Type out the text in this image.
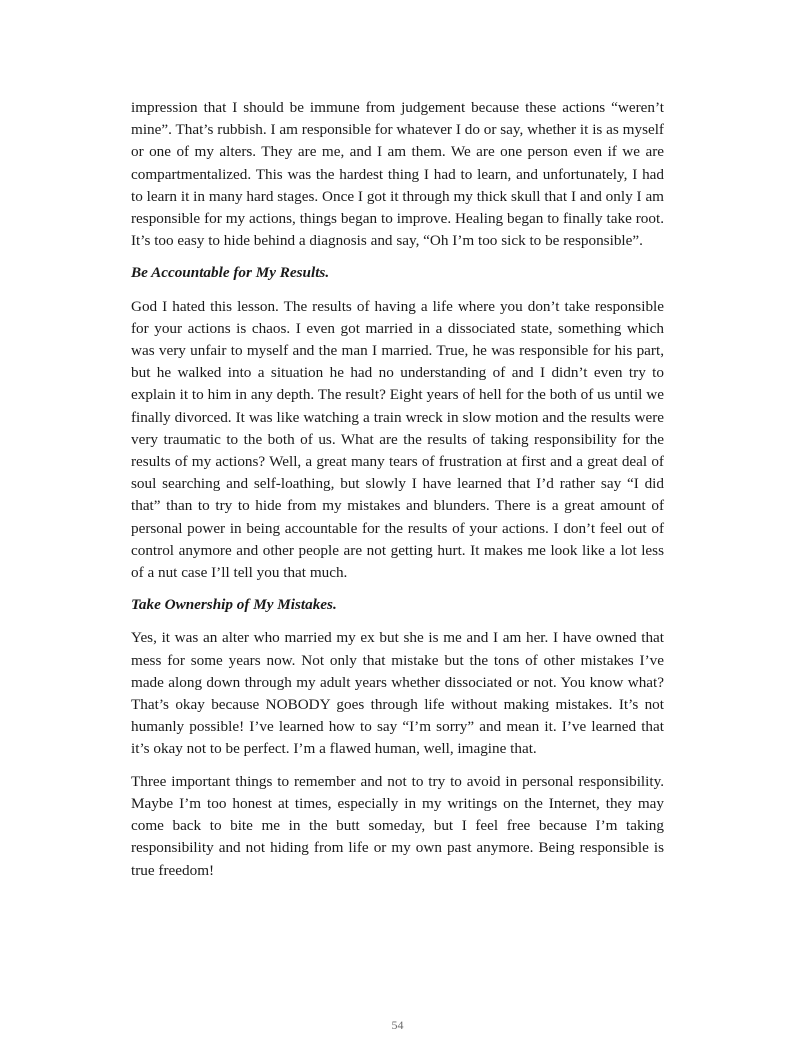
impression that I should be immune from judgement because these actions “weren’t mine”. That’s rubbish. I am responsible for whatever I do or say, whether it is as myself or one of my alters. They are me, and I am them. We are one person even if we are compartmentalized. This was the hardest thing I had to learn, and unfortunately, I had to learn it in many hard stages. Once I got it through my thick skull that I and only I am responsible for my actions, things began to improve. Healing began to finally take root. It’s too easy to hide behind a diagnosis and say, “Oh I’m too sick to be responsible”.

Be Accountable for My Results.

God I hated this lesson. The results of having a life where you don’t take responsible for your actions is chaos. I even got married in a dissociated state, something which was very unfair to myself and the man I married. True, he was responsible for his part, but he walked into a situation he had no understanding of and I didn’t even try to explain it to him in any depth. The result? Eight years of hell for the both of us until we finally divorced. It was like watching a train wreck in slow motion and the results were very traumatic to the both of us. What are the results of taking responsibility for the results of my actions? Well, a great many tears of frustration at first and a great deal of soul searching and self-loathing, but slowly I have learned that I’d rather say “I did that” than to try to hide from my mistakes and blunders. There is a great amount of personal power in being accountable for the results of your actions. I don’t feel out of control anymore and other people are not getting hurt. It makes me look like a lot less of a nut case I’ll tell you that much.

Take Ownership of My Mistakes.

Yes, it was an alter who married my ex but she is me and I am her. I have owned that mess for some years now. Not only that mistake but the tons of other mistakes I’ve made along down through my adult years whether dissociated or not. You know what? That’s okay because NOBODY goes through life without making mistakes. It’s not humanly possible! I’ve learned how to say “I’m sorry” and mean it. I’ve learned that it’s okay not to be perfect. I’m a flawed human, well, imagine that.

Three important things to remember and not to try to avoid in personal responsibility. Maybe I’m too honest at times, especially in my writings on the Internet, they may come back to bite me in the butt someday, but I feel free because I’m taking responsibility and not hiding from life or my own past anymore. Being responsible is true freedom!

54
